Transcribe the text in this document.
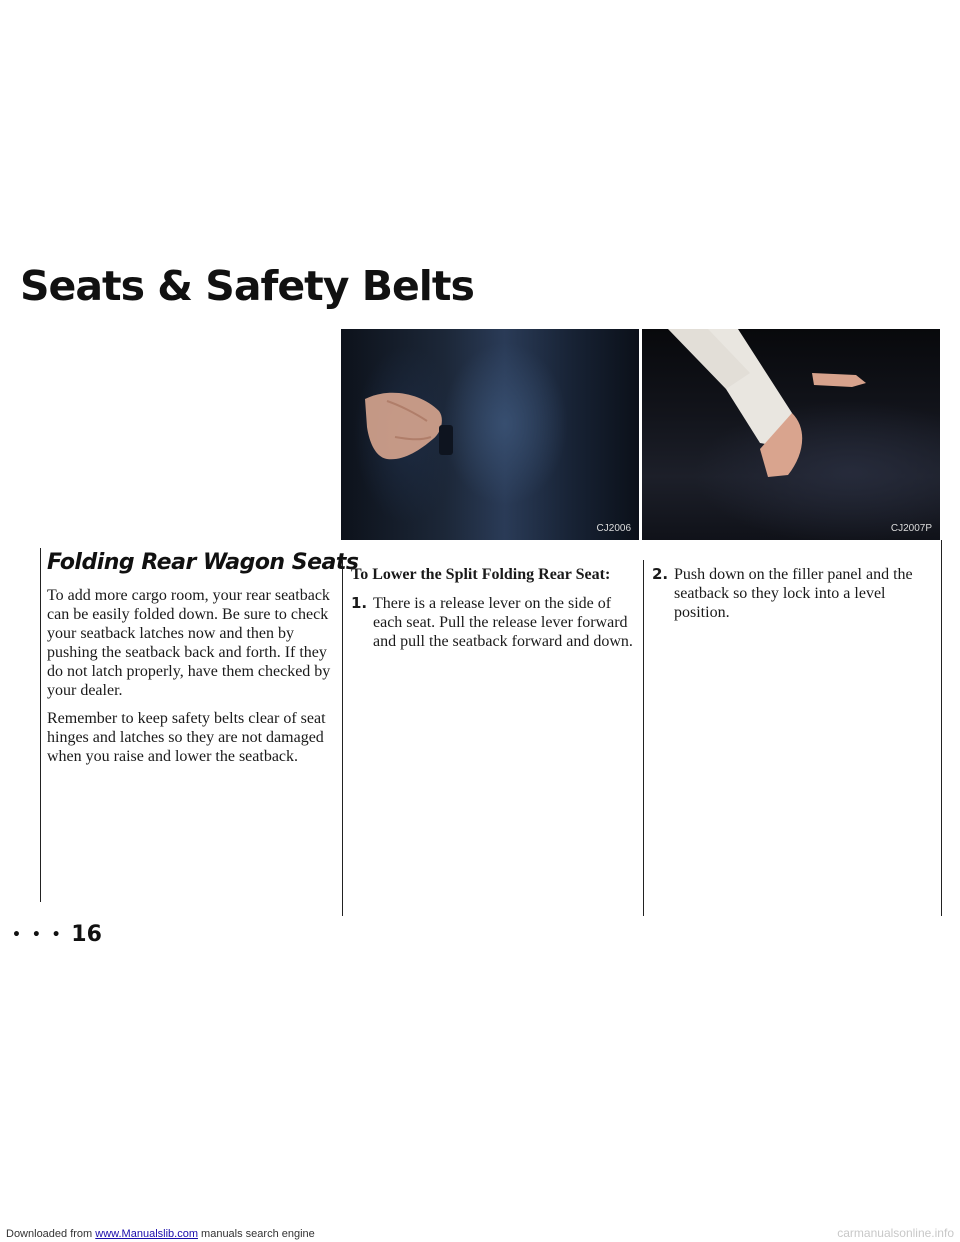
Seats & Safety Belts
CJ2006	CJ2007P
Folding Rear Wagon Seats

To add more cargo room, your rear seatback can be easily folded down. Be sure to check your seatback latches now and then by pushing the seatback back and forth. If they do not latch properly, have them checked by your dealer.

Remember to keep safety belts clear of seat hinges and latches so they are not damaged when you raise and lower the seatback.

To Lower the Split Folding Rear Seat:

1. There is a release lever on the side of each seat. Pull the release lever forward and pull the seatback forward and down.
2. Push down on the filler panel and the seatback so they lock into a level position.
• • • 16
Downloaded from www.Manualslib.com manuals search engine	carmanualsonline.info
